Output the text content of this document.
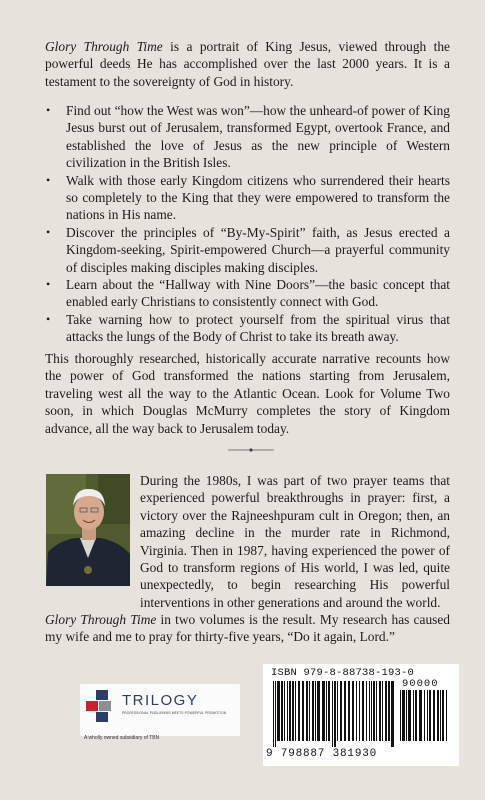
Glory Through Time is a portrait of King Jesus, viewed through the powerful deeds He has accomplished over the last 2000 years. It is a testament to the sovereignty of God in history.

• Find out “how the West was won”—how the unheard-of power of King Jesus burst out of Jerusalem, transformed Egypt, overtook France, and established the love of Jesus as the new principle of Western civilization in the British Isles.
• Walk with those early Kingdom citizens who surrendered their hearts so completely to the King that they were empowered to transform the nations in His name.
• Discover the principles of “By-My-Spirit” faith, as Jesus erected a Kingdom-seeking, Spirit-empowered Church—a prayerful community of disciples making disciples making disciples.
• Learn about the “Hallway with Nine Doors”—the basic concept that enabled early Christians to consistently connect with God.
• Take warning how to protect yourself from the spiritual virus that attacks the lungs of the Body of Christ to take its breath away.

This thoroughly researched, historically accurate narrative recounts how the power of God transformed the nations starting from Jerusalem, traveling west all the way to the Atlantic Ocean. Look for Volume Two soon, in which Douglas McMurry completes the story of Kingdom advance, all the way back to Jerusalem today.

During the 1980s, I was part of two prayer teams that experienced powerful breakthroughs in prayer: first, a victory over the Rajneeshpuram cult in Oregon; then, an amazing decline in the murder rate in Richmond, Virginia. Then in 1987, having experienced the power of God to transform regions of His world, I was led, quite unexpectedly, to begin researching His powerful interventions in other generations and around the world.

Glory Through Time in two volumes is the result. My research has caused my wife and me to pray for thirty-five years, “Do it again, Lord.”

TRILOGY
PROFESSIONAL PUBLISHING MEETS POWERFUL PROMOTION
A wholly owned subsidiary of TBN
ISBN 979-8-88738-193-0
90000
9 798887 381930
